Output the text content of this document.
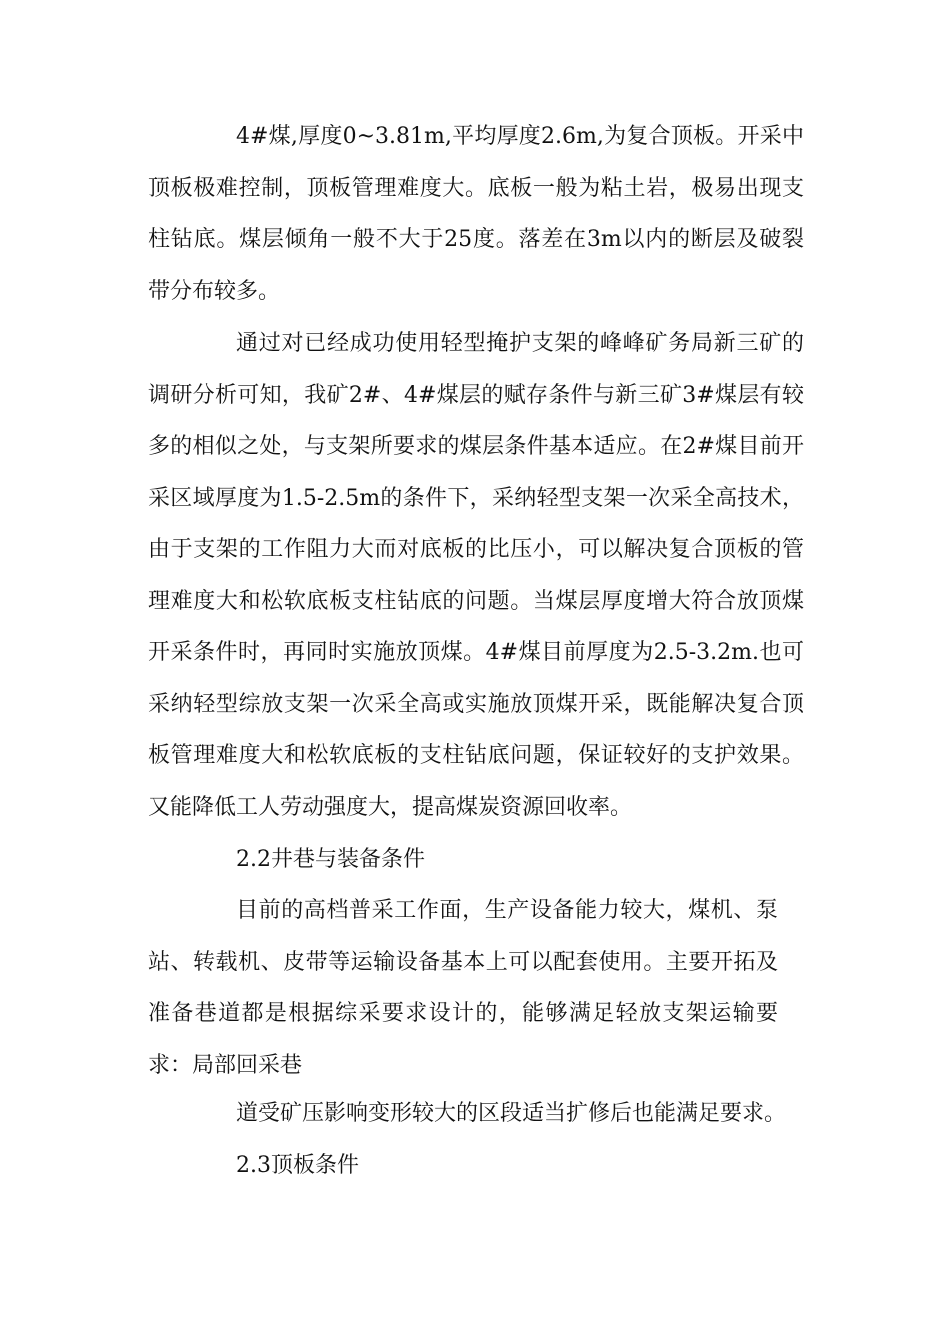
4#煤,厚度0~3.81m,平均厚度2.6m,为复合顶板。开采中顶板极难控制，顶板管理难度大。底板一般为粘土岩，极易出现支柱钻底。煤层倾角一般不大于25度。落差在3m以内的断层及破裂带分布较多。

通过对已经成功使用轻型掩护支架的峰峰矿务局新三矿的调研分析可知，我矿2#、4#煤层的赋存条件与新三矿3#煤层有较多的相似之处，与支架所要求的煤层条件基本适应。在2#煤目前开采区域厚度为1.5-2.5m的条件下，采纳轻型支架一次采全高技术，由于支架的工作阻力大而对底板的比压小，可以解决复合顶板的管理难度大和松软底板支柱钻底的问题。当煤层厚度增大符合放顶煤开采条件时，再同时实施放顶煤。4#煤目前厚度为2.5-3.2m.也可采纳轻型综放支架一次采全高或实施放顶煤开采，既能解决复合顶板管理难度大和松软底板的支柱钻底问题，保证较好的支护效果。又能降低工人劳动强度大，提高煤炭资源回收率。

2.2井巷与装备条件

目前的高档普采工作面，生产设备能力较大，煤机、泵站、转载机、皮带等运输设备基本上可以配套使用。主要开拓及准备巷道都是根据综采要求设计的，能够满足轻放支架运输要求：局部回采巷

道受矿压影响变形较大的区段适当扩修后也能满足要求。

2.3顶板条件
